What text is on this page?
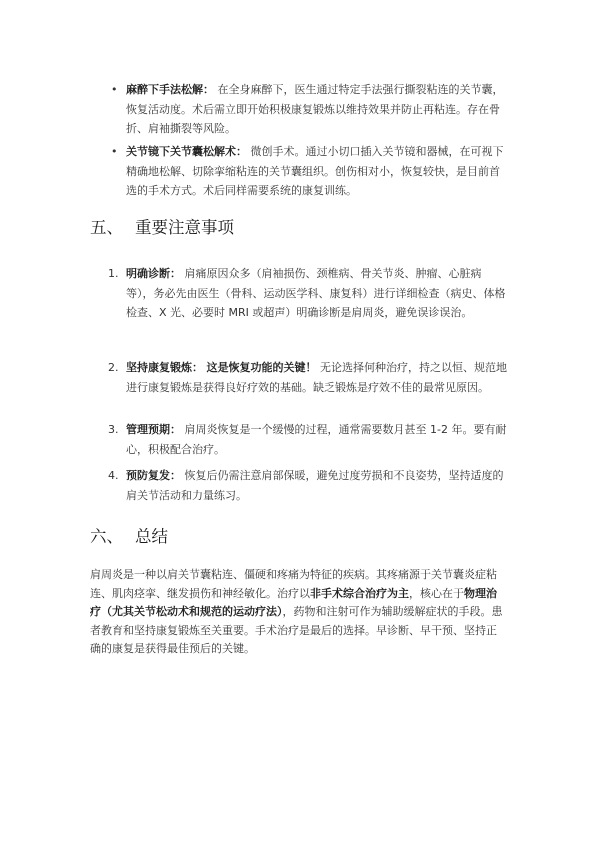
• 麻醉下手法松解： 在全身麻醉下，医生通过特定手法强行撕裂粘连的关节囊，恢复活动度。术后需立即开始积极康复锻炼以维持效果并防止再粘连。存在骨折、肩袖撕裂等风险。
• 关节镜下关节囊松解术： 微创手术。通过小切口插入关节镜和器械，在可视下精确地松解、切除挛缩粘连的关节囊组织。创伤相对小，恢复较快，是目前首选的手术方式。术后同样需要系统的康复训练。
五、 重要注意事项
1. 明确诊断： 肩痛原因众多（肩袖损伤、颈椎病、骨关节炎、肿瘤、心脏病等），务必先由医生（骨科、运动医学科、康复科）进行详细检查（病史、体格检查、X 光、必要时 MRI 或超声）明确诊断是肩周炎，避免误诊误治。
2. 坚持康复锻炼： 这是恢复功能的关键！ 无论选择何种治疗，持之以恒、规范地进行康复锻炼是获得良好疗效的基础。缺乏锻炼是疗效不佳的最常见原因。
3. 管理预期： 肩周炎恢复是一个缓慢的过程，通常需要数月甚至 1-2 年。要有耐心，积极配合治疗。
4. 预防复发： 恢复后仍需注意肩部保暖，避免过度劳损和不良姿势，坚持适度的肩关节活动和力量练习。
六、 总结
肩周炎是一种以肩关节囊粘连、僵硬和疼痛为特征的疾病。其疼痛源于关节囊炎症粘连、肌肉痉挛、继发损伤和神经敏化。治疗以非手术综合治疗为主，核心在于物理治疗（尤其关节松动术和规范的运动疗法），药物和注射可作为辅助缓解症状的手段。患者教育和坚持康复锻炼至关重要。手术治疗是最后的选择。早诊断、早干预、坚持正确的康复是获得最佳预后的关键。
